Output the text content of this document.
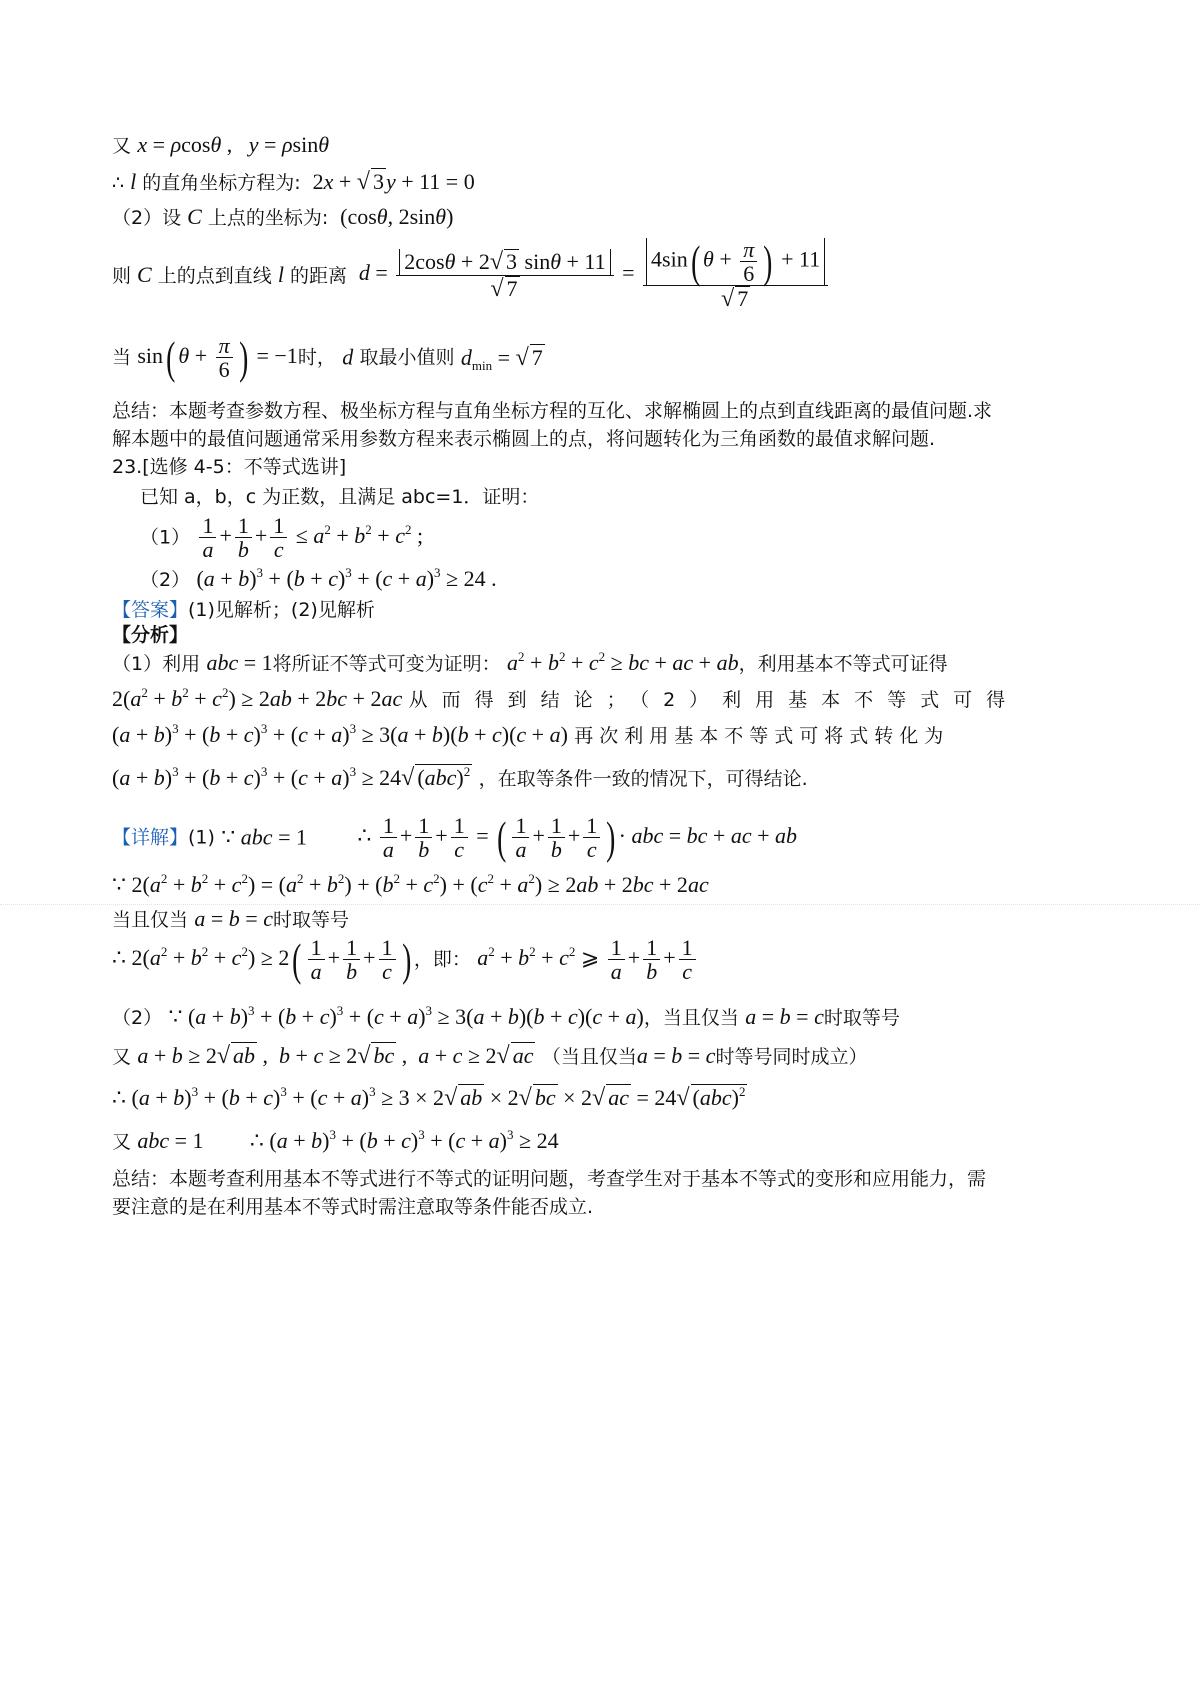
又 x = ρcosθ ,   y = ρsinθ
∴ l 的直角坐标方程为:  2x + √ 3y + 11 = 0
（2）设 C 上点的坐标为:  (cosθ, 2sinθ)
则 C 上的点到直线 l 的距离 $d = \frac{2\cos\theta + 2√ 3 \sin\theta + 11}{√ 7} = \frac{4\sin( \theta + \frac{\pi}{6} ) + 11}{√ 7}$
当 sin( $\theta + \frac{\pi}{6}$ ) = −1时， d 取最小值则 $d_{min}$ = √ 7
总结：本题考查参数方程、极坐标方程与直角坐标方程的互化、求解椭圆上的点到直线距离的最值问题.求
解本题中的最值问题通常采用参数方程来表示椭圆上的点，将问题转化为三角函数的最值求解问题.
23.[选修 4-5：不等式选讲]
已知 a，b，c 为正数，且满足 abc=1．证明：
$(1) \frac{1}{a} + \frac{1}{b} + \frac{1}{c} \le a^2 + b^2 + c^2$ ;
（2） $(a + b)^3 + (b + c)^3 + (c + a)^3 \ge 24$ .
【答案】(1)见解析；(2)见解析
【分析】
（1）利用 abc = 1将所证不等式可变为证明： $a^2 + b^2 + c^2$ ≥ bc + ac + ab，利用基本不等式可证得
$2(a^2 + b^2 + c^2) \ge 2ab + 2bc + 2ac$ 从而得到结论；（2）利用基本不等式可得
$(a + b)^3 + (b + c)^3 + (c + a)^3 \ge 3(a + b)(b + c)(c + a)$ 再次利用基本不等式可将式转化为
$(a + b)^3 + (b + c)^3 + (c + a)^3 \ge 24√$ (abc)$^2$ ，在取等条件一致的情况下，可得结论.
【详解】(1) ∵ abc = 1 ∴ $\frac{1}{a} + \frac{1}{b} + \frac{1}{c}$ = ( $\frac{1}{a} + \frac{1}{b} + \frac{1}{c}$ ) · abc = bc + ac + ab
∵ $2(a^2 + b^2 + c^2) = (a^2 + b^2) + (b^2 + c^2) + (c^2 + a^2) \ge 2ab + 2bc + 2ac$
当且仅当 a = b = c时取等号
∴ $2(a^2 + b^2 + c^2) \ge 2( \frac{1}{a} + \frac{1}{b} + \frac{1}{c}$ ) ，即： $a^2 + b^2 + c^2$ ⩾ $\frac{1}{a} + \frac{1}{b} + \frac{1}{c}$
（2） ∵ $(a + b)^3 + (b + c)^3 + (c + a)^3 \ge 3(a + b)(b + c)(c + a)$，当且仅当 a = b = c时取等号
又 a + b ≥ 2√ ab ,  b + c ≥ 2√ bc ,  a + c ≥ 2√ ac （当且仅当a = b = c时等号同时成立）
∴ $(a + b)^3 + (b + c)^3 + (c + a)^3 \ge 3 \times 2√$ ab × 2√ bc × 2√ ac = 24√ (abc)$^2$
又 abc = 1 ∴ $(a + b)^3 + (b + c)^3 + (c + a)^3 \ge 24$
总结：本题考查利用基本不等式进行不等式的证明问题，考查学生对于基本不等式的变形和应用能力，需
要注意的是在利用基本不等式时需注意取等条件能否成立.
